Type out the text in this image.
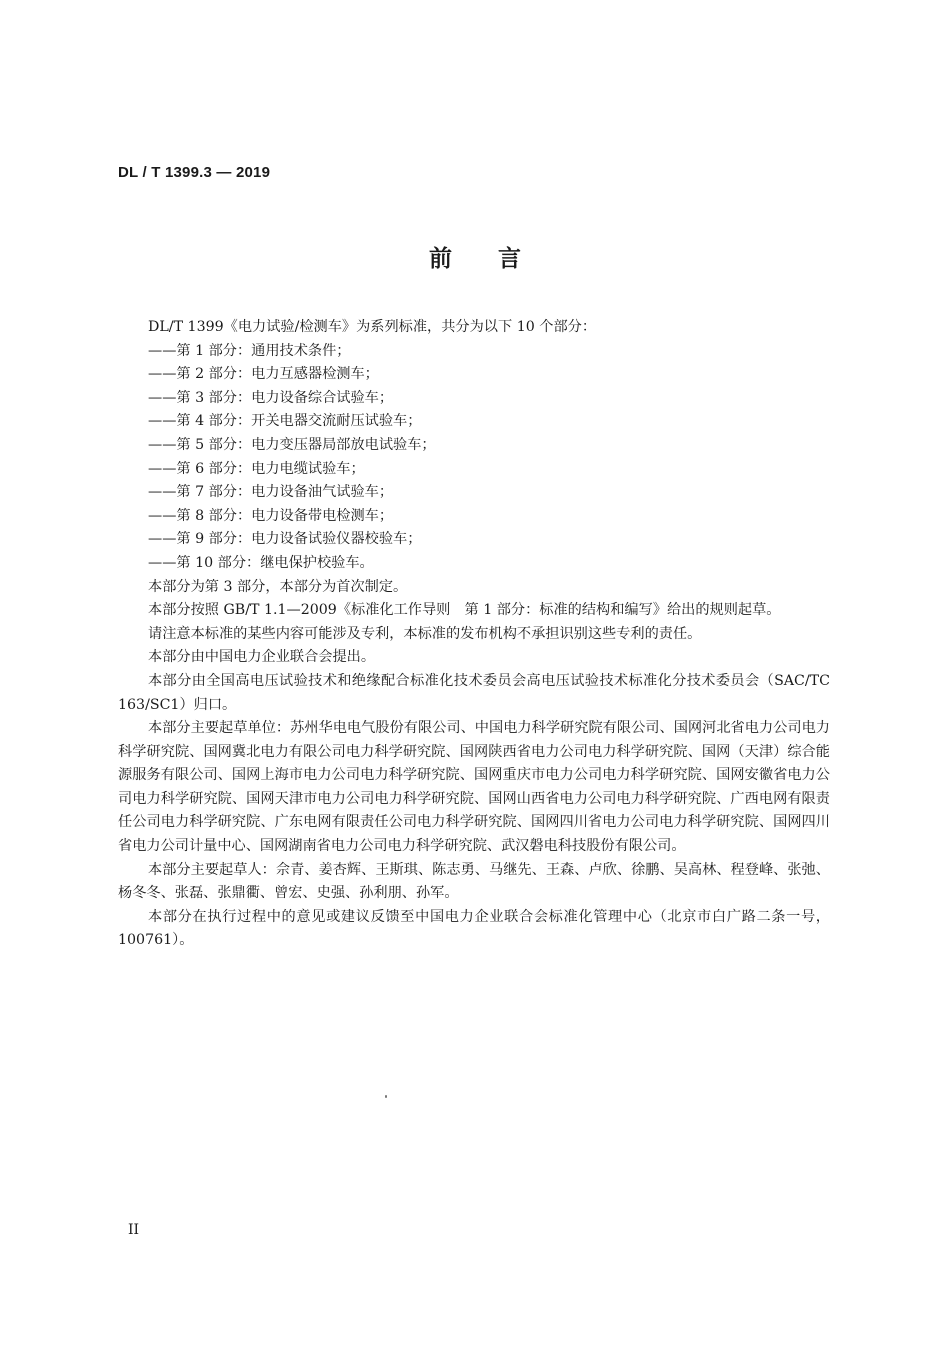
DL / T 1399.3 — 2019
前 言
DL/T 1399《电力试验/检测车》为系列标准，共分为以下 10 个部分：
——第 1 部分：通用技术条件；
——第 2 部分：电力互感器检测车；
——第 3 部分：电力设备综合试验车；
——第 4 部分：开关电器交流耐压试验车；
——第 5 部分：电力变压器局部放电试验车；
——第 6 部分：电力电缆试验车；
——第 7 部分：电力设备油气试验车；
——第 8 部分：电力设备带电检测车；
——第 9 部分：电力设备试验仪器校验车；
——第 10 部分：继电保护校验车。
本部分为第 3 部分，本部分为首次制定。
本部分按照 GB/T 1.1—2009《标准化工作导则　第 1 部分：标准的结构和编写》给出的规则起草。
请注意本标准的某些内容可能涉及专利，本标准的发布机构不承担识别这些专利的责任。
本部分由中国电力企业联合会提出。
本部分由全国高电压试验技术和绝缘配合标准化技术委员会高电压试验技术标准化分技术委员会（SAC/TC 163/SC1）归口。
本部分主要起草单位：苏州华电电气股份有限公司、中国电力科学研究院有限公司、国网河北省电力公司电力科学研究院、国网冀北电力有限公司电力科学研究院、国网陕西省电力公司电力科学研究院、国网（天津）综合能源服务有限公司、国网上海市电力公司电力科学研究院、国网重庆市电力公司电力科学研究院、国网安徽省电力公司电力科学研究院、国网天津市电力公司电力科学研究院、国网山西省电力公司电力科学研究院、广西电网有限责任公司电力科学研究院、广东电网有限责任公司电力科学研究院、国网四川省电力公司电力科学研究院、国网四川省电力公司计量中心、国网湖南省电力公司电力科学研究院、武汉磐电科技股份有限公司。
本部分主要起草人：佘青、姜杏辉、王斯琪、陈志勇、马继先、王森、卢欣、徐鹏、吴高林、程登峰、张弛、杨冬冬、张磊、张鼎衢、曾宏、史强、孙利朋、孙军。
本部分在执行过程中的意见或建议反馈至中国电力企业联合会标准化管理中心（北京市白广路二条一号，100761）。
II
